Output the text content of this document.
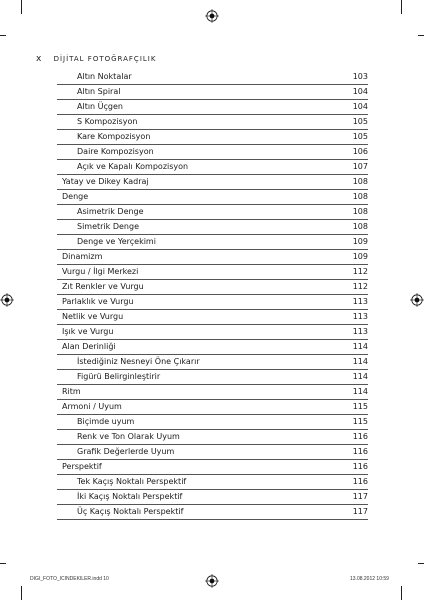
x DİJİTAL FOTOĞRAFÇILIK
Altın Noktalar	103
Altın Spiral	104
Altın Üçgen	104
S Kompozisyon	105
Kare Kompozisyon	105
Daire Kompozisyon	106
Açık ve Kapalı Kompozisyon	107
Yatay ve Dikey Kadraj	108
Denge	108
Asimetrik Denge	108
Simetrik Denge	108
Denge ve Yerçekimi	109
Dinamizm	109
Vurgu / İlgi Merkezi	112
Zıt Renkler ve Vurgu	112
Parlaklık ve Vurgu	113
Netlik ve Vurgu	113
Işık ve Vurgu	113
Alan Derinliği	114
İstediğiniz Nesneyi Öne Çıkarır	114
Figürü Belirginleştirir	114
Ritm	114
Armoni / Uyum	115
Biçimde uyum	115
Renk ve Ton Olarak Uyum	116
Grafik Değerlerde Uyum	116
Perspektif	116
Tek Kaçış Noktalı Perspektif	116
İki Kaçış Noktalı Perspektif	117
Üç Kaçış Noktalı Perspektif	117
DIGI_FOTO_ICINDEKILER.indd 10	13.08.2012 10:59
